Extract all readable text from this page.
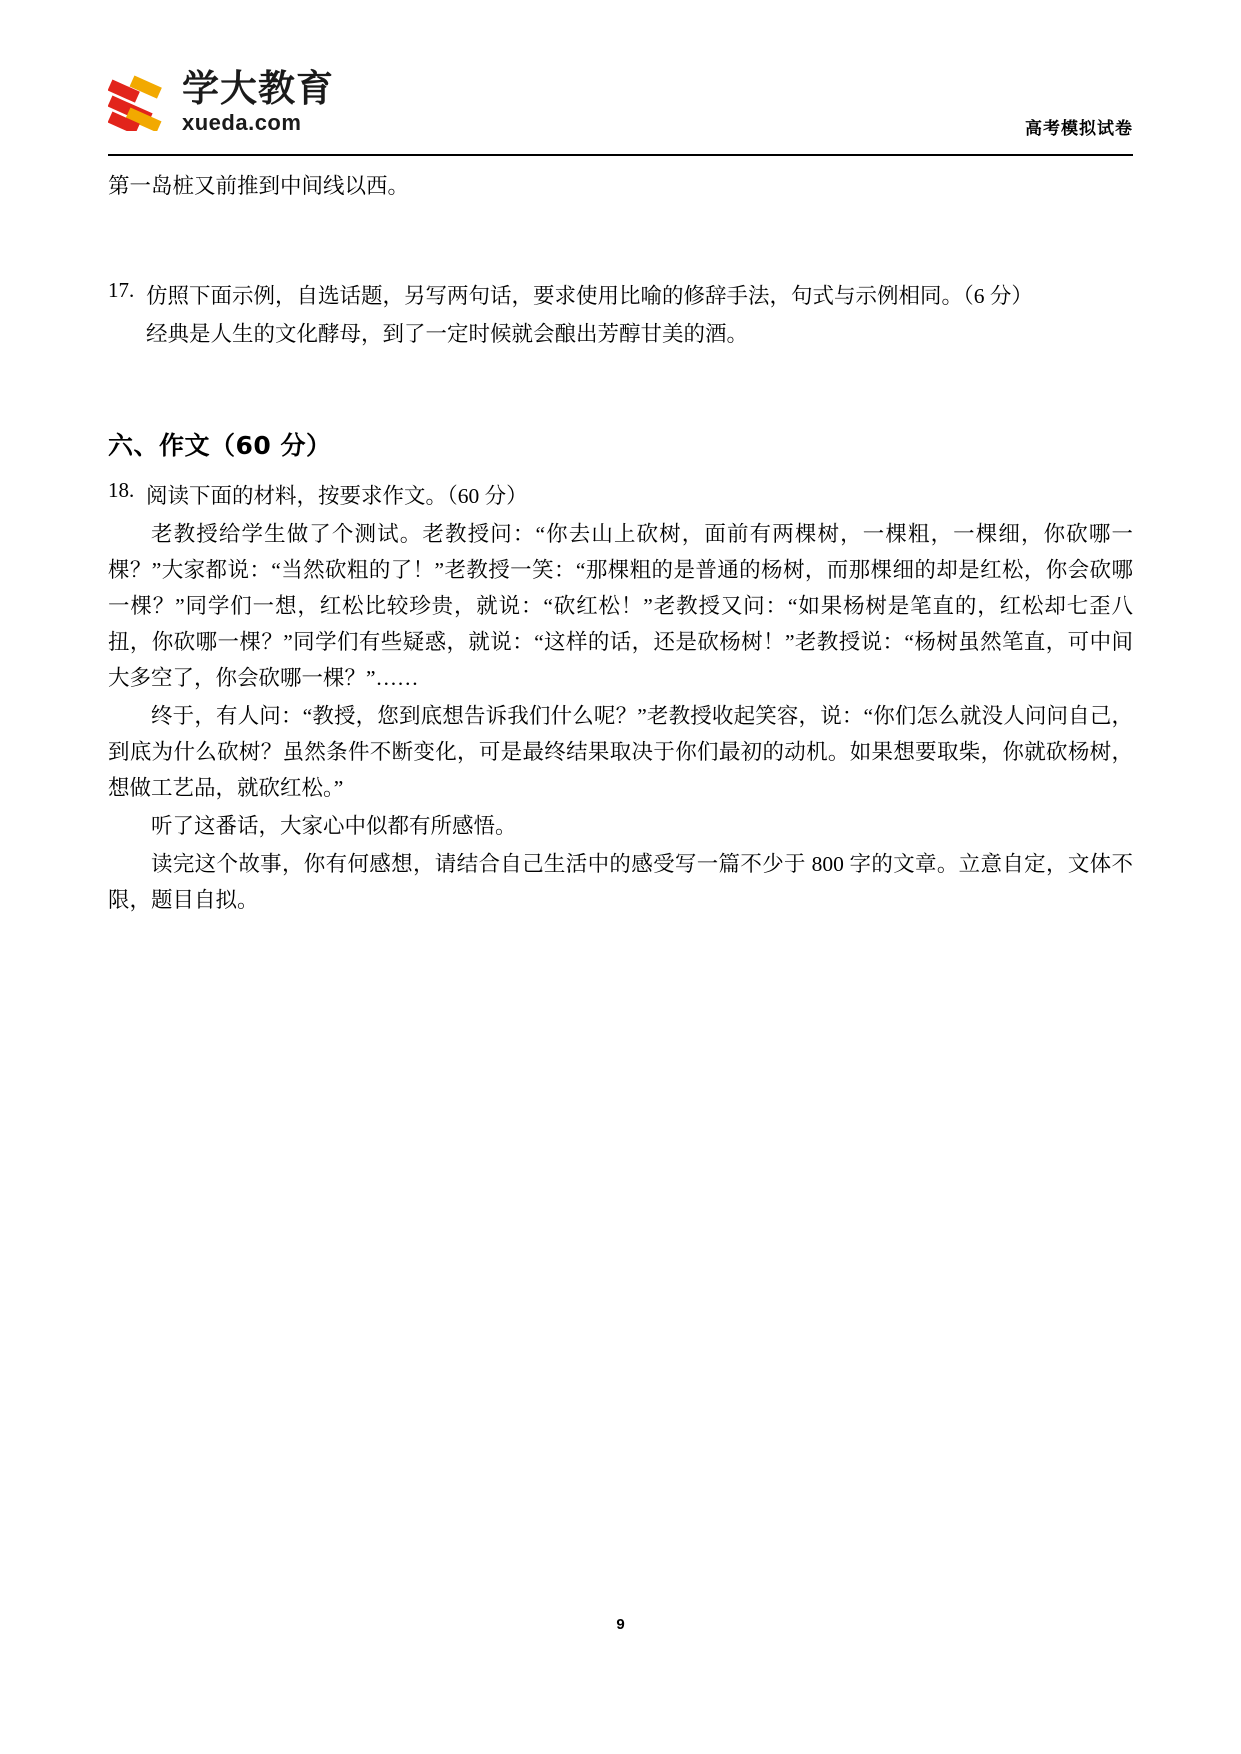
学大教育
xueda.com	高考模拟试卷

第一岛桩又前推到中间线以西。

17. 仿照下面示例，自选话题，另写两句话，要求使用比喻的修辞手法，句式与示例相同。（6 分）

经典是人生的文化酵母，到了一定时候就会酿出芳醇甘美的酒。

六、作文（60 分）
18. 阅读下面的材料，按要求作文。（60 分）

老教授给学生做了个测试。老教授问：“你去山上砍树，面前有两棵树，一棵粗，一棵细，你砍哪一棵？”大家都说：“当然砍粗的了！”老教授一笑：“那棵粗的是普通的杨树，而那棵细的却是红松，你会砍哪一棵？”同学们一想，红松比较珍贵，就说：“砍红松！”老教授又问：“如果杨树是笔直的，红松却七歪八扭，你砍哪一棵？”同学们有些疑惑，就说：“这样的话，还是砍杨树！”老教授说：“杨树虽然笔直，可中间大多空了，你会砍哪一棵？”……

终于，有人问：“教授，您到底想告诉我们什么呢？”老教授收起笑容，说：“你们怎么就没人问问自己，到底为什么砍树？虽然条件不断变化，可是最终结果取决于你们最初的动机。如果想要取柴，你就砍杨树，想做工艺品，就砍红松。”

听了这番话，大家心中似都有所感悟。

读完这个故事，你有何感想，请结合自己生活中的感受写一篇不少于 800 字的文章。立意自定，文体不限，题目自拟。

9
